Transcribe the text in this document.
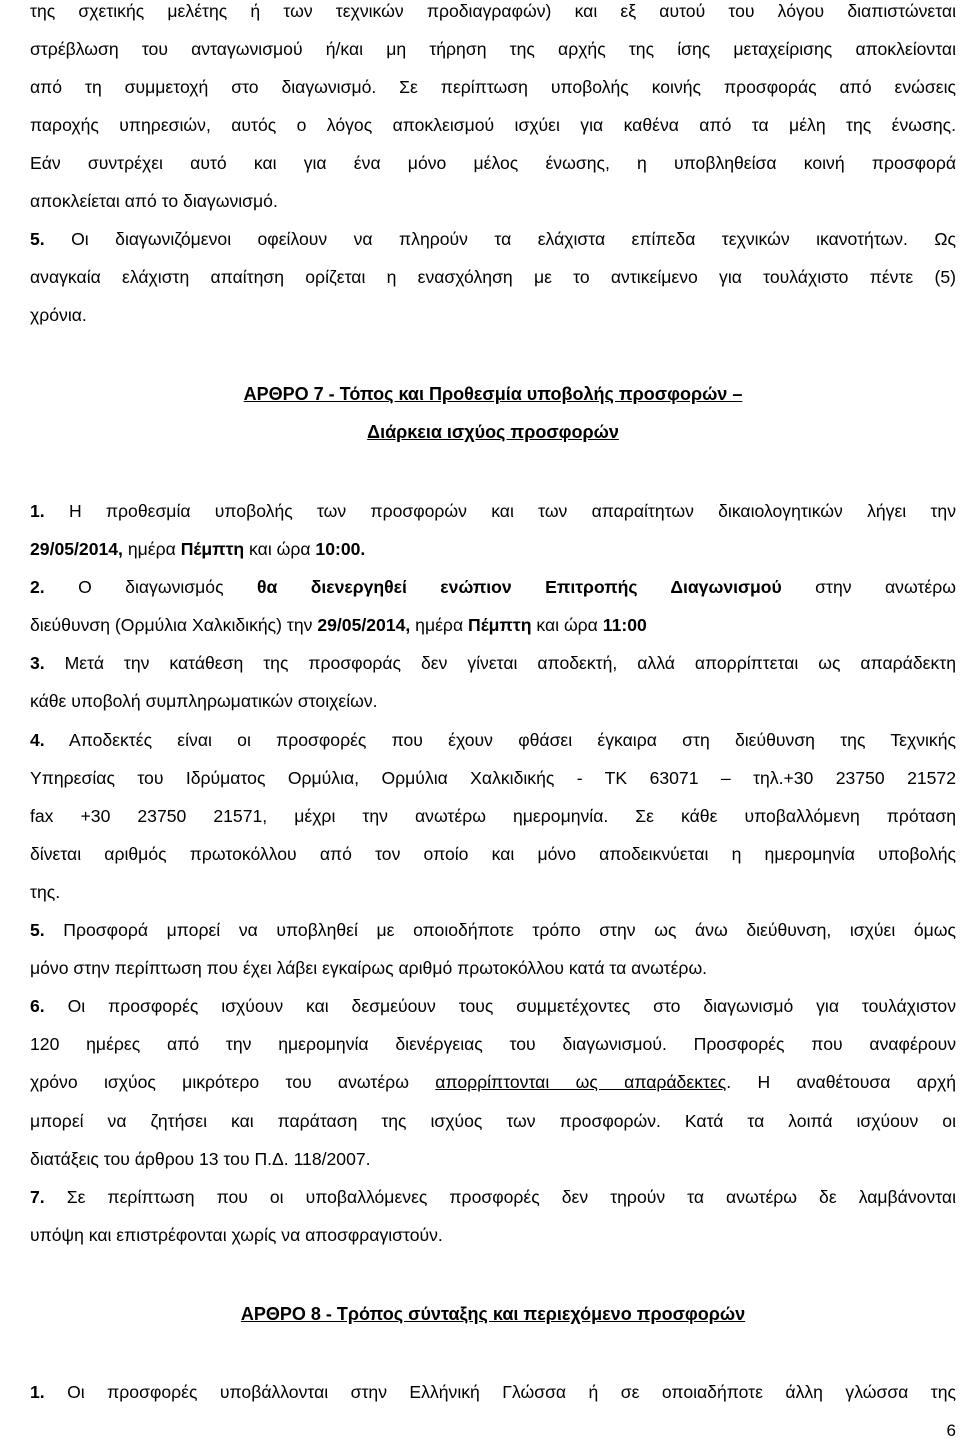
της σχετικής μελέτης ή των τεχνικών προδιαγραφών) και εξ αυτού του λόγου διαπιστώνεται
στρέβλωση του ανταγωνισμού ή/και μη τήρηση της αρχής της ίσης μεταχείρισης αποκλείονται
από τη συμμετοχή στο διαγωνισμό. Σε περίπτωση υποβολής κοινής προσφοράς από ενώσεις
παροχής υπηρεσιών, αυτός ο λόγος αποκλεισμού ισχύει για καθένα από τα μέλη της ένωσης.
Εάν συντρέχει αυτό και για ένα μόνο μέλος ένωσης, η υποβληθείσα κοινή προσφορά
αποκλείεται από το διαγωνισμό.
5. Οι διαγωνιζόμενοι οφείλουν να πληρούν τα ελάχιστα επίπεδα τεχνικών ικανοτήτων. Ως
αναγκαία ελάχιστη απαίτηση ορίζεται η ενασχόληση με το αντικείμενο για τουλάχιστο πέντε (5)
χρόνια.
ΑΡΘΡΟ 7 - Τόπος και Προθεσμία υποβολής προσφορών –
Διάρκεια ισχύος προσφορών
1. Η προθεσμία υποβολής των προσφορών και των απαραίτητων δικαιολογητικών λήγει την
29/05/2014, ημέρα Πέμπτη και ώρα 10:00.
2. Ο διαγωνισμός θα διενεργηθεί ενώπιον Επιτροπής Διαγωνισμού στην ανωτέρω
διεύθυνση (Ορμύλια Χαλκιδικής) την 29/05/2014, ημέρα Πέμπτη και ώρα 11:00
3. Μετά την κατάθεση της προσφοράς δεν γίνεται αποδεκτή, αλλά απορρίπτεται ως απαράδεκτη
κάθε υποβολή συμπληρωματικών στοιχείων.
4. Αποδεκτές είναι οι προσφορές που έχουν φθάσει έγκαιρα στη διεύθυνση της Τεχνικής
Υπηρεσίας του Ιδρύματος Ορμύλια, Ορμύλια Χαλκιδικής - ΤΚ 63071 – τηλ.+30 23750 21572
fax +30 23750 21571, μέχρι την ανωτέρω ημερομηνία. Σε κάθε υποβαλλόμενη πρόταση
δίνεται αριθμός πρωτοκόλλου από τον οποίο και μόνο αποδεικνύεται η ημερομηνία υποβολής
της.
5. Προσφορά μπορεί να υποβληθεί με οποιοδήποτε τρόπο στην ως άνω διεύθυνση, ισχύει όμως
μόνο στην περίπτωση που έχει λάβει εγκαίρως αριθμό πρωτοκόλλου κατά τα ανωτέρω.
6. Οι προσφορές ισχύουν και δεσμεύουν τους συμμετέχοντες στο διαγωνισμό για τουλάχιστον
120 ημέρες από την ημερομηνία διενέργειας του διαγωνισμού. Προσφορές που αναφέρουν
χρόνο ισχύος μικρότερο του ανωτέρω απορρίπτονται ως απαράδεκτες. Η αναθέτουσα αρχή
μπορεί να ζητήσει και παράταση της ισχύος των προσφορών. Κατά τα λοιπά ισχύουν οι
διατάξεις του άρθρου 13 του Π.Δ. 118/2007.
7. Σε περίπτωση που οι υποβαλλόμενες προσφορές δεν τηρούν τα ανωτέρω δε λαμβάνονται
υπόψη και επιστρέφονται χωρίς να αποσφραγιστούν.
ΑΡΘΡΟ 8 - Τρόπος σύνταξης και περιεχόμενο προσφορών
1. Οι προσφορές υποβάλλονται στην Ελλήνική Γλώσσα ή σε οποιαδήποτε άλλη γλώσσα της
6
